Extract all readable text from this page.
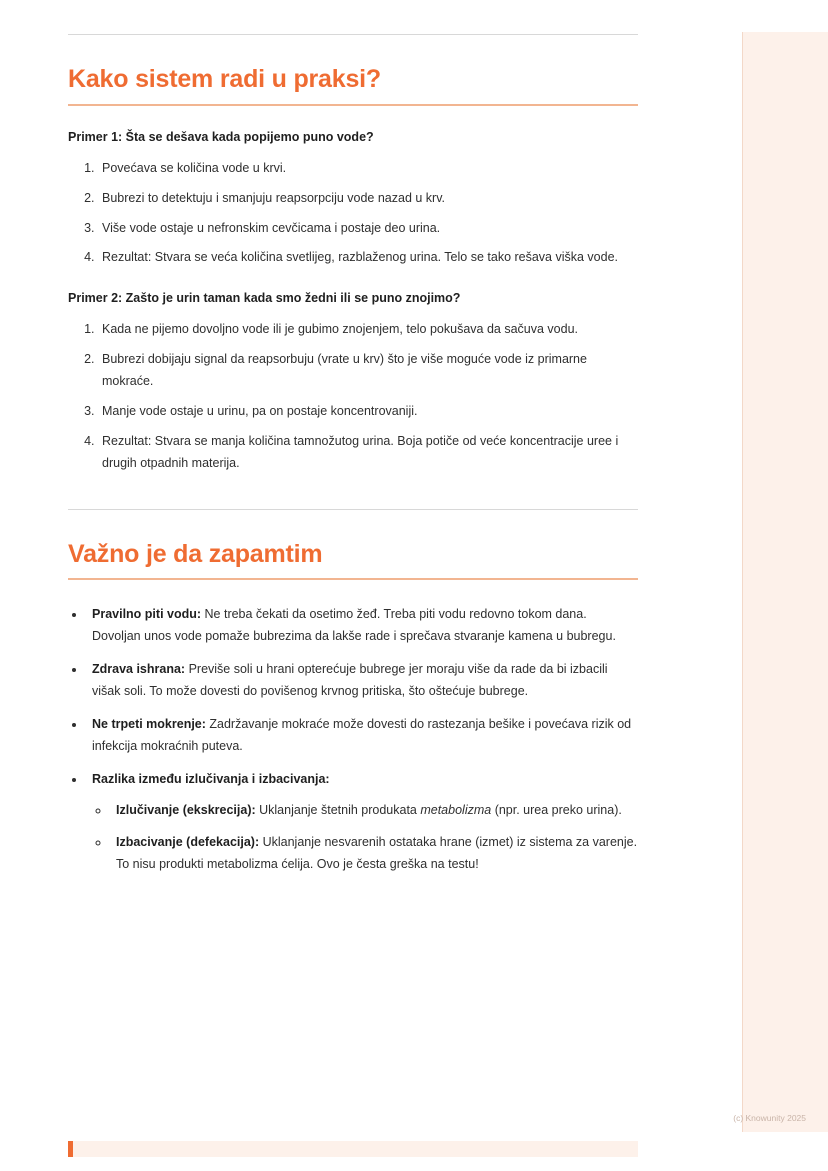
Kako sistem radi u praksi?
Primer 1: Šta se dešava kada popijemo puno vode?
1. Povećava se količina vode u krvi.
2. Bubrezi to detektuju i smanjuju reapsorpciju vode nazad u krv.
3. Više vode ostaje u nefronskim cevčicama i postaje deo urina.
4. Rezultat: Stvara se veća količina svetlijeg, razblaženog urina. Telo se tako rešava viška vode.
Primer 2: Zašto je urin taman kada smo žedni ili se puno znojimo?
1. Kada ne pijemo dovoljno vode ili je gubimo znojenjem, telo pokušava da sačuva vodu.
2. Bubrezi dobijaju signal da reapsorbuju (vrate u krv) što je više moguće vode iz primarne mokraće.
3. Manje vode ostaje u urinu, pa on postaje koncentrovaniji.
4. Rezultat: Stvara se manja količina tamnožutog urina. Boja potiče od veće koncentracije uree i drugih otpadnih materija.
Važno je da zapamtim
• Pravilno piti vodu: Ne treba čekati da osetimo žeđ. Treba piti vodu redovno tokom dana. Dovoljan unos vode pomaže bubrezima da lakše rade i sprečava stvaranje kamena u bubregu.
• Zdrava ishrana: Previše soli u hrani opterećuje bubrege jer moraju više da rade da bi izbacili višak soli. To može dovesti do povišenog krvnog pritiska, što oštećuje bubrege.
• Ne trpeti mokrenje: Zadržavanje mokraće može dovesti do rastezanja bešike i povećava rizik od infekcija mokraćnih puteva.
• Razlika između izlučivanja i izbacivanja:
◦ Izlučivanje (ekskrecija): Uklanjanje štetnih produkata metabolizma (npr. urea preko urina).
◦ Izbacivanje (defekacija): Uklanjanje nesvarenih ostataka hrane (izmet) iz sistema za varenje. To nisu produkti metabolizma ćelija. Ovo je česta greška na testu!
(c) Knowunity 2025
